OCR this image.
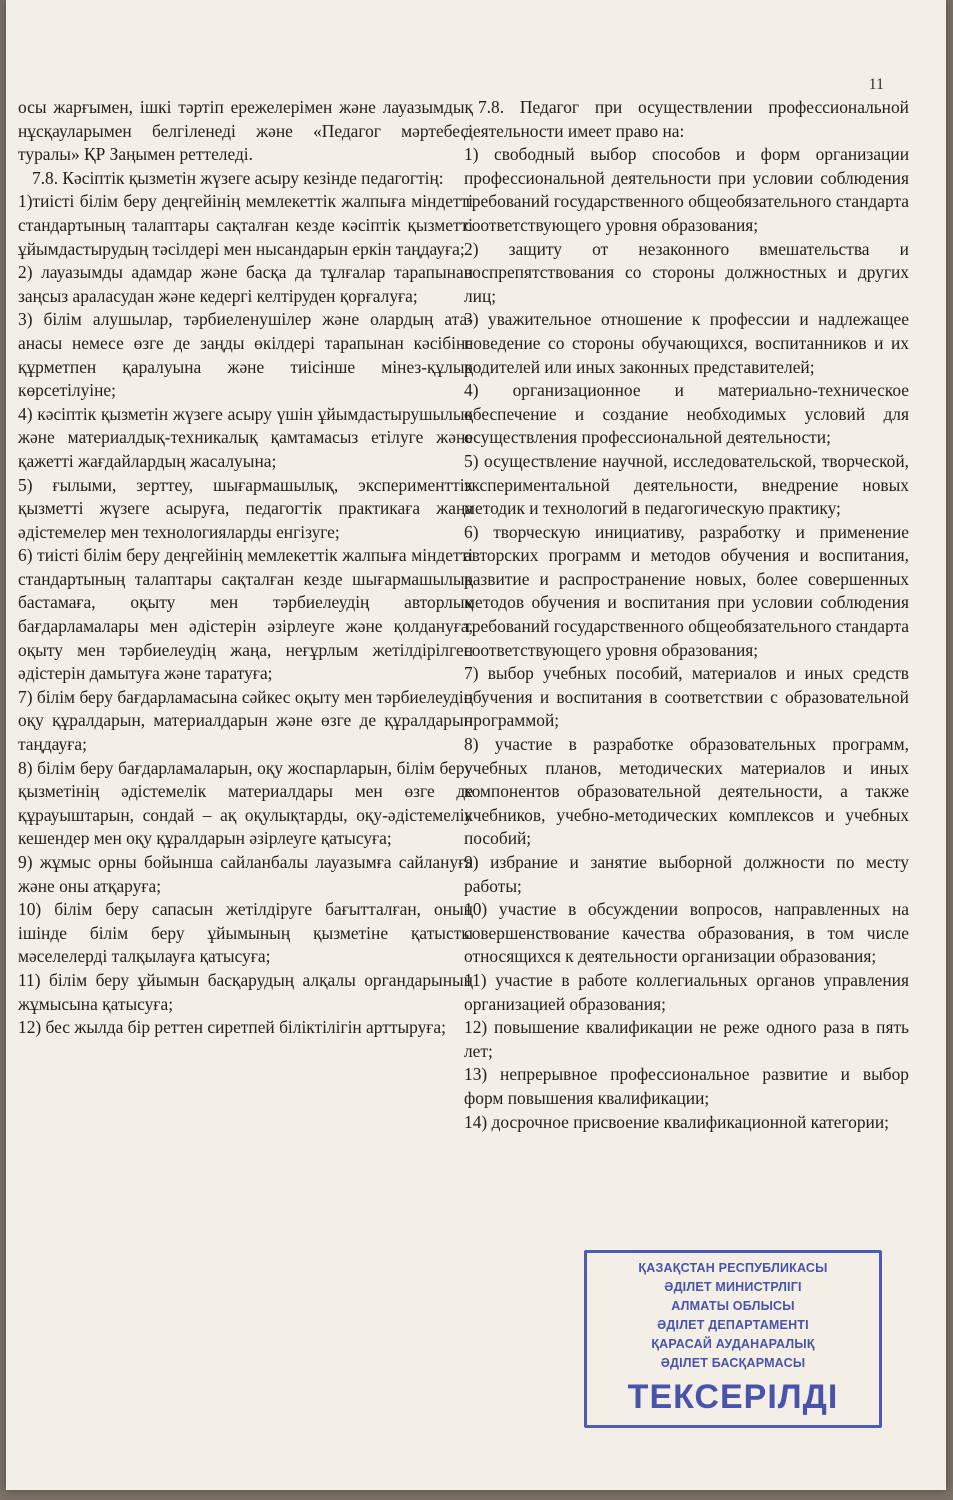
11

осы жарғымен, ішкі тәртіп ережелерімен және лауазымдық нұсқауларымен белгіленеді және «Педагог мәртебесі туралы» ҚР Заңымен реттеледі.

7.8. Кәсіптік қызметін жүзеге асыру кезінде педагогтің:

1)тиісті білім беру деңгейінің мемлекеттік жалпыға міндетті стандартының талаптары сақталған кезде кәсіптік қызметті ұйымдастырудың тәсілдері мен нысандарын еркін таңдауға;

2) лауазымды адамдар және басқа да тұлғалар тарапынан заңсыз араласудан және кедергі келтіруден қорғалуға;

3) білім алушылар, тәрбиеленушілер және олардың ата-анасы немесе өзге де заңды өкілдері тарапынан кәсібіне құрметпен қаралуына және тиісінше мінез-құлық көрсетілуіне;

4) кәсіптік қызметін жүзеге асыру үшін ұйымдастырушылық және материалдық-техникалық қамтамасыз етілуге және қажетті жағдайлардың жасалуына;

5) ғылыми, зерттеу, шығармашылық, эксперименттік қызметті жүзеге асыруға, педагогтік практикаға жаңа әдістемелер мен технологияларды енгізуге;

6) тиісті білім беру деңгейінің мемлекеттік жалпыға міндетті стандартының талаптары сақталған кезде шығармашылық бастамаға, оқыту мен тәрбиелеудің авторлық бағдарламалары мен әдістерін әзірлеуге және қолдануға, оқыту мен тәрбиелеудің жаңа, неғұрлым жетілдірілген әдістерін дамытуға және таратуға;

7) білім беру бағдарламасына сәйкес оқыту мен тәрбиелеудің оқу құралдарын, материалдарын және өзге де құралдарын таңдауға;

8) білім беру бағдарламаларын, оқу жоспарларын, білім беру қызметінің әдістемелік материалдары мен өзге де құрауыштарын, сондай – ақ оқулықтарды, оқу-әдістемелік кешендер мен оқу құралдарын әзірлеуге қатысуға;

9) жұмыс орны бойынша сайланбалы лауазымға сайлануға және оны атқаруға;

10) білім беру сапасын жетілдіруге бағытталған, оның ішінде білім беру ұйымының қызметіне қатысты мәселелерді талқылауға қатысуға;

11) білім беру ұйымын басқарудың алқалы органдарының жұмысына қатысуға;

12) бес жылда бір реттен сиретпей біліктілігін арттыруға;

7.8. Педагог при осуществлении профессиональной деятельности имеет право на:

1) свободный выбор способов и форм организации профессиональной деятельности при условии соблюдения требований государственного общеобязательного стандарта соответствующего уровня образования;

2) защиту от незаконного вмешательства и воспрепятствования со стороны должностных и других лиц;

3) уважительное отношение к профессии и надлежащее поведение со стороны обучающихся, воспитанников и их родителей или иных законных представителей;

4) организационное и материально-техническое обеспечение и создание необходимых условий для осуществления профессиональной деятельности;

5) осуществление научной, исследовательской, творческой, экспериментальной деятельности, внедрение новых методик и технологий в педагогическую практику;

6) творческую инициативу, разработку и применение авторских программ и методов обучения и воспитания, развитие и распространение новых, более совершенных методов обучения и воспитания при условии соблюдения требований государственного общеобязательного стандарта соответствующего уровня образования;

7) выбор учебных пособий, материалов и иных средств обучения и воспитания в соответствии с образовательной программой;

8) участие в разработке образовательных программ, учебных планов, методических материалов и иных компонентов образовательной деятельности, а также учебников, учебно-методических комплексов и учебных пособий;

9) избрание и занятие выборной должности по месту работы;

10) участие в обсуждении вопросов, направленных на совершенствование качества образования, в том числе относящихся к деятельности организации образования;

11) участие в работе коллегиальных органов управления организацией образования;

12) повышение квалификации не реже одного раза в пять лет;

13) непрерывное профессиональное развитие и выбор форм повышения квалификации;

14) досрочное присвоение квалификационной категории;

ҚАЗАҚСТАН РЕСПУБЛИКАСЫ
ӘДІЛЕТ МИНИСТРЛІГІ
АЛМАТЫ ОБЛЫСЫ
ӘДІЛЕТ ДЕПАРТАМЕНТІ
ҚАРАСАЙ АУДАНАРАЛЫҚ
ӘДІЛЕТ БАСҚАРМАСЫ
ТЕКСЕРІЛДІ
